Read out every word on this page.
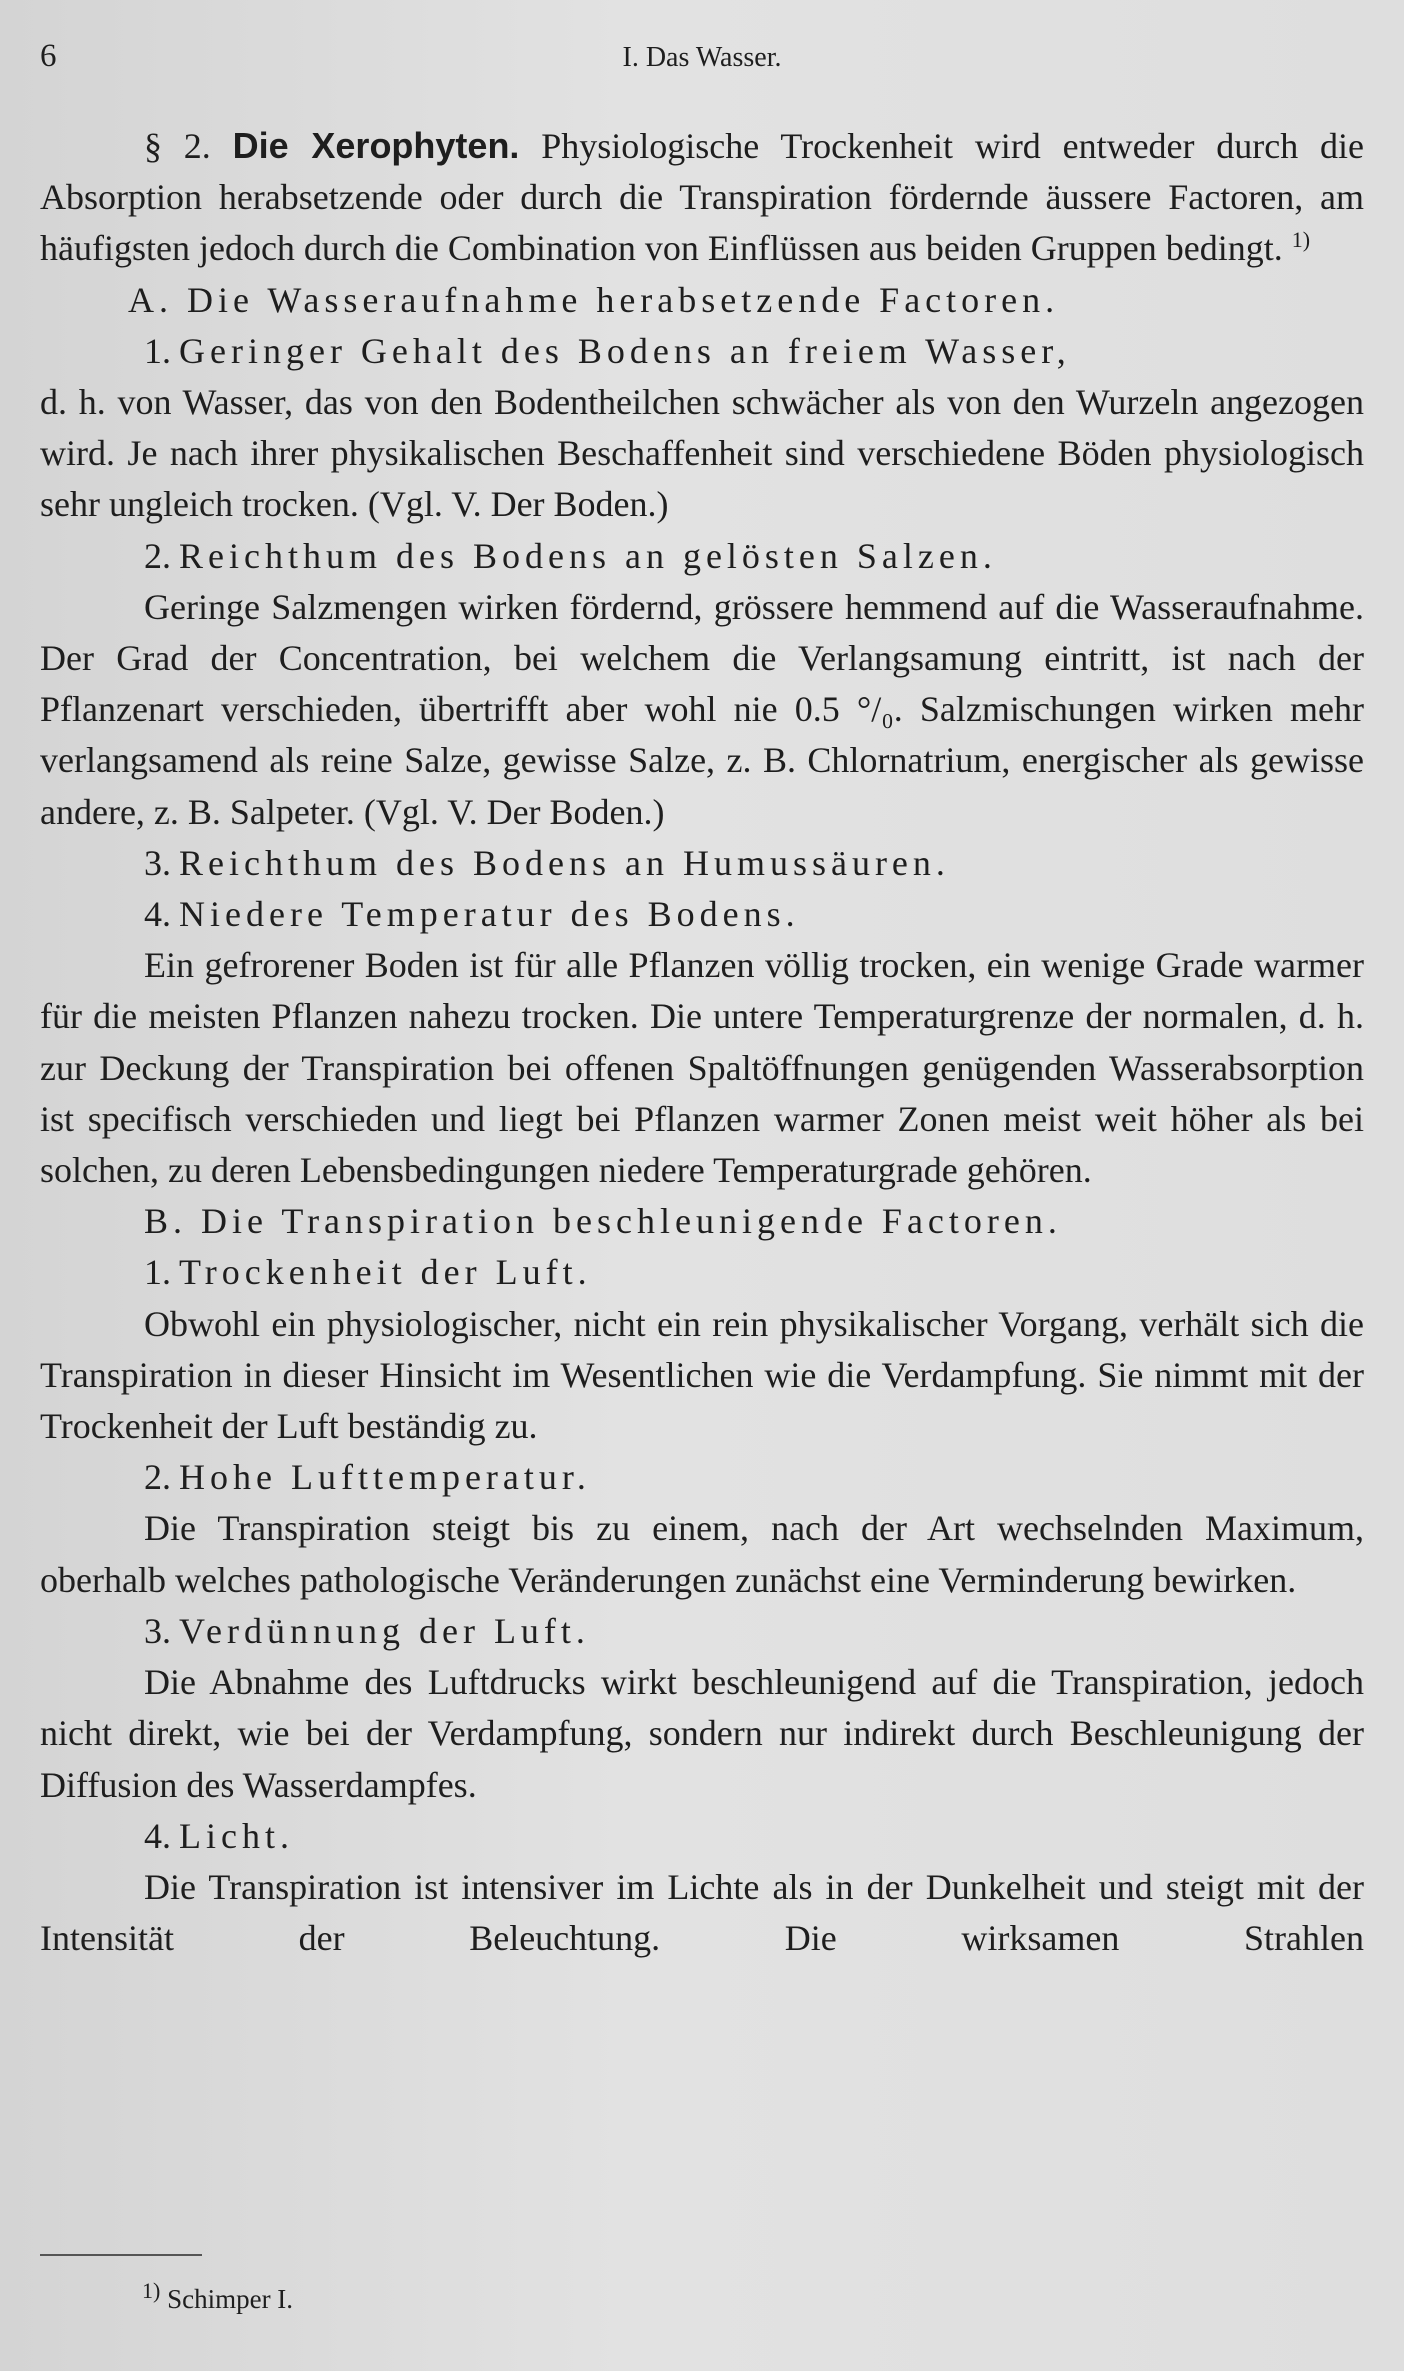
6	I. Das Wasser.

§ 2. Die Xerophyten. Physiologische Trockenheit wird entweder durch die Absorption herabsetzende oder durch die Transpiration fördernde äussere Factoren, am häufigsten jedoch durch die Combination von Einflüssen aus beiden Gruppen bedingt. $^{1)}$

A. Die Wasseraufnahme herabsetzende Factoren.

1. Geringer Gehalt des Bodens an freiem Wasser,

d. h. von Wasser, das von den Bodentheilchen schwächer als von den Wurzeln angezogen wird. Je nach ihrer physikalischen Beschaffenheit sind verschiedene Böden physiologisch sehr ungleich trocken. (Vgl. V. Der Boden.)

2. Reichthum des Bodens an gelösten Salzen.

Geringe Salzmengen wirken fördernd, grössere hemmend auf die Wasseraufnahme. Der Grad der Concentration, bei welchem die Verlangsamung eintritt, ist nach der Pflanzenart verschieden, übertrifft aber wohl nie 0.5 °/₀. Salzmischungen wirken mehr verlangsamend als reine Salze, gewisse Salze, z. B. Chlornatrium, energischer als gewisse andere, z. B. Salpeter. (Vgl. V. Der Boden.)

3. Reichthum des Bodens an Humussäuren.

4. Niedere Temperatur des Bodens.

Ein gefrorener Boden ist für alle Pflanzen völlig trocken, ein wenige Grade warmer für die meisten Pflanzen nahezu trocken. Die untere Temperaturgrenze der normalen, d. h. zur Deckung der Transpiration bei offenen Spaltöffnungen genügenden Wasserabsorption ist specifisch verschieden und liegt bei Pflanzen warmer Zonen meist weit höher als bei solchen, zu deren Lebensbedingungen niedere Temperaturgrade gehören.

B. Die Transpiration beschleunigende Factoren.

1. Trockenheit der Luft.

Obwohl ein physiologischer, nicht ein rein physikalischer Vorgang, verhält sich die Transpiration in dieser Hinsicht im Wesentlichen wie die Verdampfung. Sie nimmt mit der Trockenheit der Luft beständig zu.

2. Hohe Lufttemperatur.

Die Transpiration steigt bis zu einem, nach der Art wechselnden Maximum, oberhalb welches pathologische Veränderungen zunächst eine Verminderung bewirken.

3. Verdünnung der Luft.

Die Abnahme des Luftdrucks wirkt beschleunigend auf die Transpiration, jedoch nicht direkt, wie bei der Verdampfung, sondern nur indirekt durch Beschleunigung der Diffusion des Wasserdampfes.

4. Licht.

Die Transpiration ist intensiver im Lichte als in der Dunkelheit und steigt mit der Intensität der Beleuchtung. Die wirksamen Strahlen

$^{1)}$ Schimper I.
